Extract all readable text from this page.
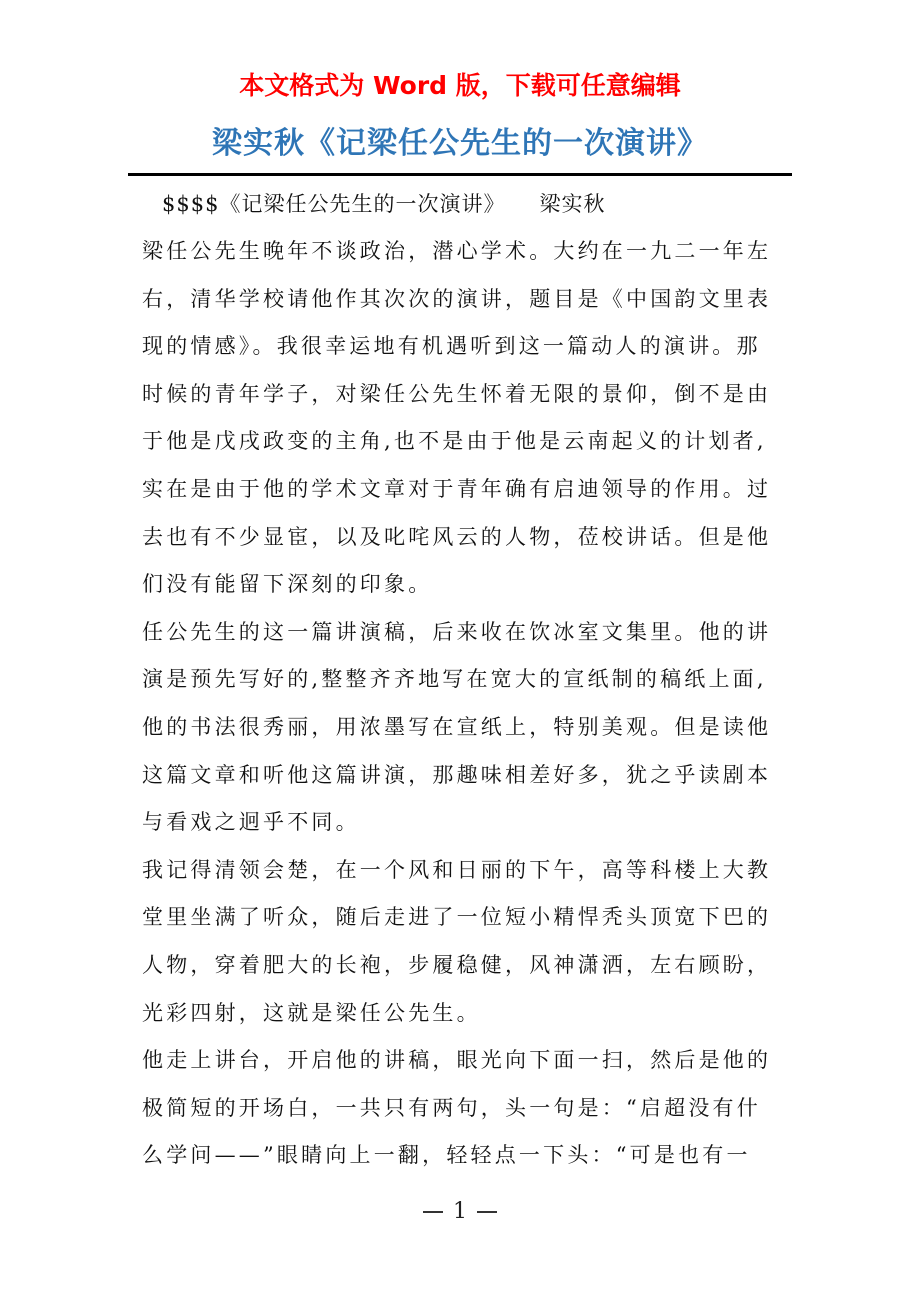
本文格式为 Word 版，下载可任意编辑
梁实秋《记梁任公先生的一次演讲》
$$$$《记梁任公先生的一次演讲》 梁实秋
梁任公先生晚年不谈政治，潜心学术。大约在一九二一年左
右，清华学校请他作其次次的演讲，题目是《中国韵文里表
现的情感》。我很幸运地有机遇听到这一篇动人的演讲。那
时候的青年学子，对梁任公先生怀着无限的景仰，倒不是由
于他是戊戌政变的主角,也不是由于他是云南起义的计划者,
实在是由于他的学术文章对于青年确有启迪领导的作用。过
去也有不少显宦，以及叱咤风云的人物，莅校讲话。但是他
们没有能留下深刻的印象。
任公先生的这一篇讲演稿，后来收在饮冰室文集里。他的讲
演是预先写好的,整整齐齐地写在宽大的宣纸制的稿纸上面,
他的书法很秀丽，用浓墨写在宣纸上，特别美观。但是读他
这篇文章和听他这篇讲演，那趣味相差好多，犹之乎读剧本
与看戏之迥乎不同。
我记得清领会楚，在一个风和日丽的下午，高等科楼上大教
堂里坐满了听众，随后走进了一位短小精悍秃头顶宽下巴的
人物，穿着肥大的长袍，步履稳健，风神潇洒，左右顾盼，
光彩四射，这就是梁任公先生。
他走上讲台，开启他的讲稿，眼光向下面一扫，然后是他的
极简短的开场白，一共只有两句，头一句是：“启超没有什
么学问——”眼睛向上一翻，轻轻点一下头：“可是也有一
1
